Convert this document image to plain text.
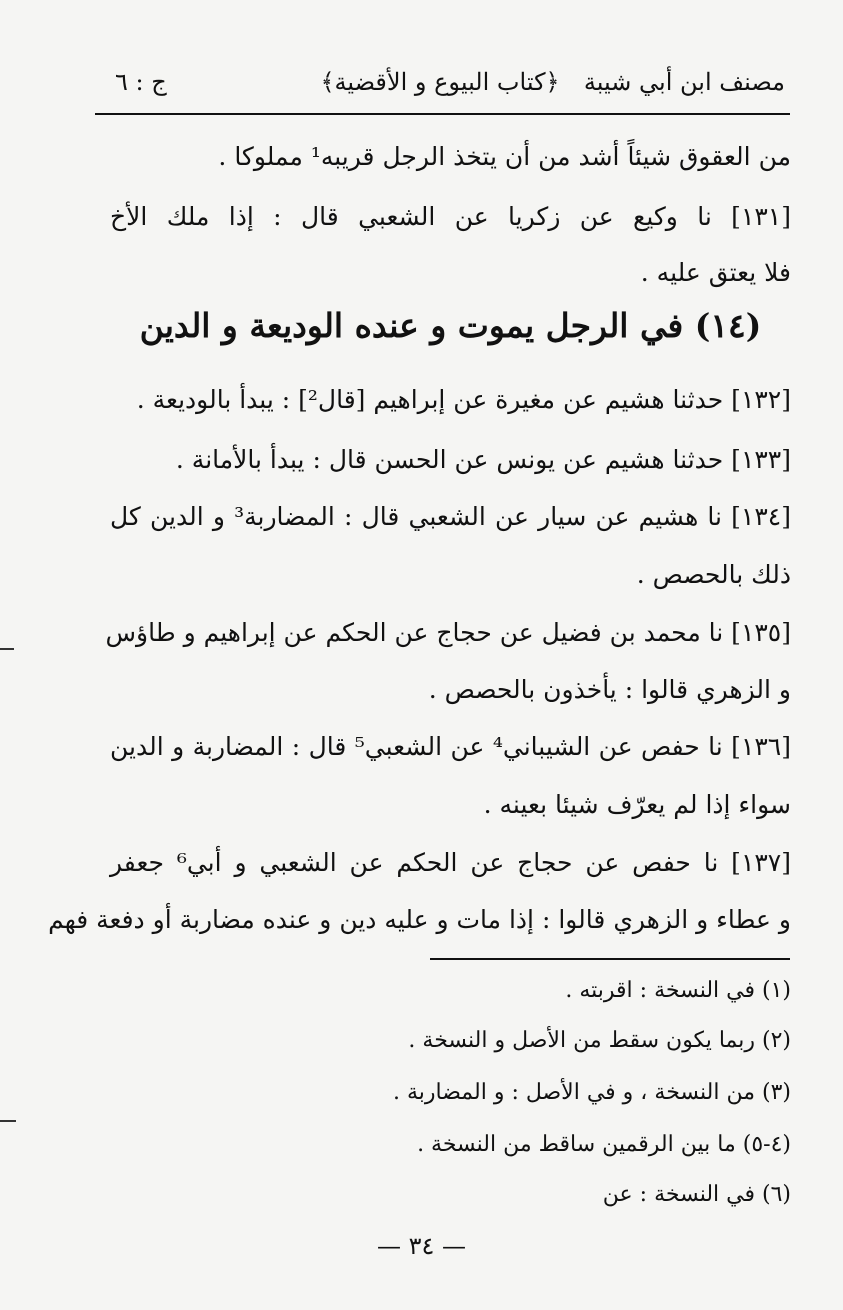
مصنف ابن أبي شيبة
﴿كتاب البيوع و الأقضية﴾
ج : ٦
من العقوق شيئاً أشد من أن يتخذ الرجل قريبه¹ مملوكا .
[١٣١] نا وكيع عن زكريا عن الشعبي قال : إذا ملك الأخ
فلا يعتق عليه .
(١٤) في الرجل يموت و عنده الوديعة و الدين
[١٣٢] حدثنا هشيم عن مغيرة عن إبراهيم [قال²] : يبدأ بالوديعة .
[١٣٣] حدثنا هشيم عن يونس عن الحسن قال : يبدأ بالأمانة .
[١٣٤] نا هشيم عن سيار عن الشعبي قال : المضاربة³ و الدين كل
ذلك بالحصص .
[١٣٥] نا محمد بن فضيل عن حجاج عن الحكم عن إبراهيم و طاؤس
و الزهري قالوا : يأخذون بالحصص .
[١٣٦] نا حفص عن الشيباني⁴ عن الشعبي⁵ قال : المضاربة و الدين
سواء إذا لم يعرّف شيئا بعينه .
[١٣٧] نا حفص عن حجاج عن الحكم عن الشعبي و أبي⁶ جعفر
و عطاء و الزهري قالوا : إذا مات و عليه دين و عنده مضاربة أو دفعة فهم
(١) في النسخة : اقربته .
(٢) ربما يكون سقط من الأصل و النسخة .
(٣) من النسخة ، و في الأصل : و المضاربة .
(٤-٥) ما بين الرقمين ساقط من النسخة .
(٦) في النسخة : عن
— ٣٤ —
